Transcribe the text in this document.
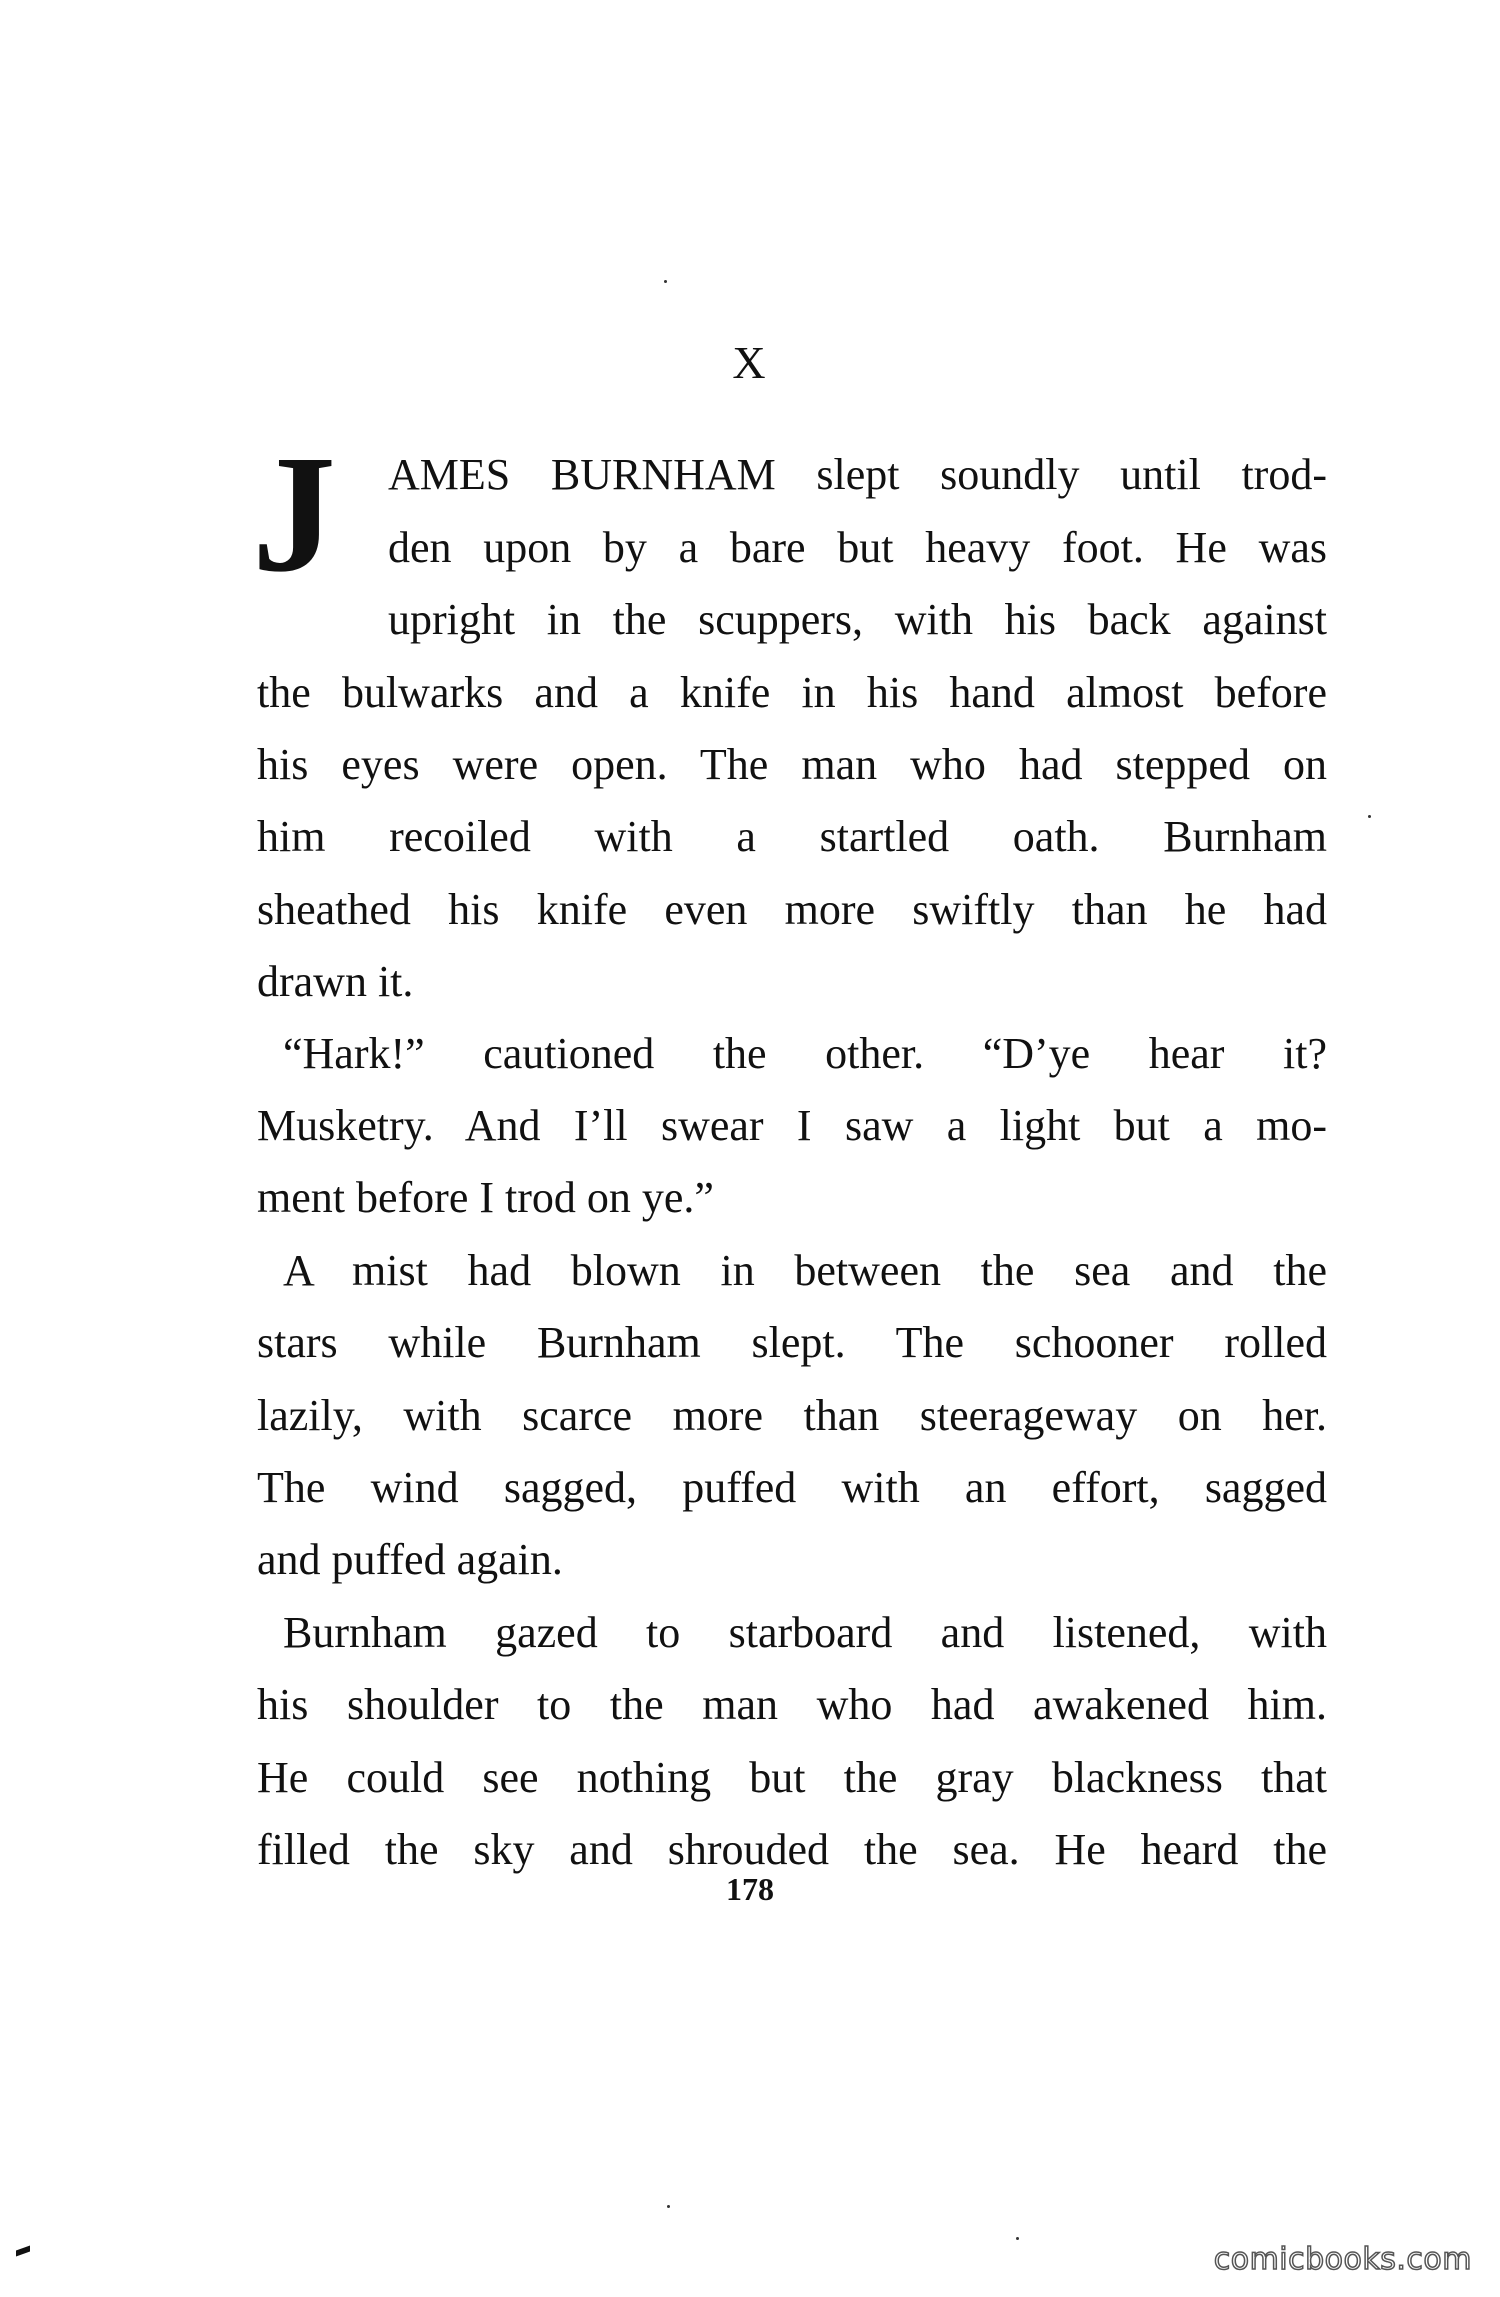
X
J AMES BURNHAM slept soundly until trod-
den upon by a bare but heavy foot. He was
upright in the scuppers, with his back against
the bulwarks and a knife in his hand almost before
his eyes were open. The man who had stepped on
him recoiled with a startled oath. Burnham
sheathed his knife even more swiftly than he had
drawn it.
“Hark!” cautioned the other. “D’ye hear it?
Musketry. And I’ll swear I saw a light but a mo-
ment before I trod on ye.”
A mist had blown in between the sea and the
stars while Burnham slept. The schooner rolled
lazily, with scarce more than steerageway on her.
The wind sagged, puffed with an effort, sagged
and puffed again.
Burnham gazed to starboard and listened, with
his shoulder to the man who had awakened him.
He could see nothing but the gray blackness that
filled the sky and shrouded the sea. He heard the
178
comicbooks.com
